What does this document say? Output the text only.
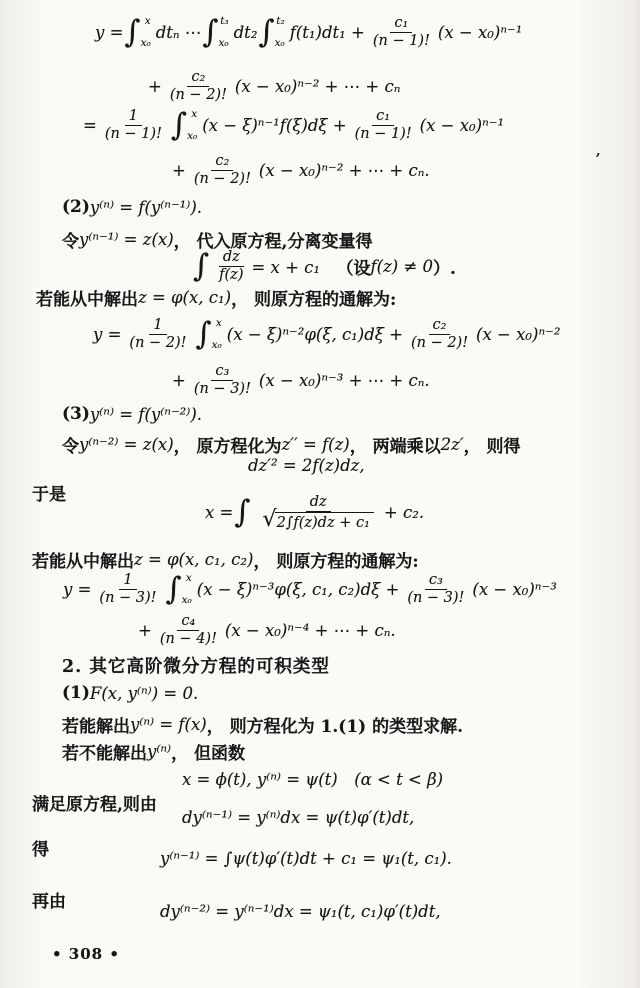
y = ∫ x
x₀
dtₙ ⋯ ∫ t₃
x₀
dt₂ ∫ t₂
x₀
$f(t_1)dt_1 + \frac{\text{c₁}}{(n - 1)!} (x - x_0)^{n-1}$
+ $\frac{\text{c₂}}{(n - 2)!} (x - x_0)^{n-2}$ + ⋯ + cₙ
= $\frac{1}{(n - 1)!}$ ∫ x
x₀
$(x - \xi)^{n-1}f(\xi)d\xi + \frac{\text{c₁}}{(n - 1)!} (x - x_0)^{n-1}$
+ $\frac{\text{c₂}}{(n - 2)!} (x - x_0)^{n-2}$ + ⋯ + cₙ.
(2) y⁽ⁿ⁾ = f(y⁽ⁿ⁻¹⁾).
令 y⁽ⁿ⁻¹⁾ = z(x) ， 代入原方程,分离变量得
∫ $\frac{dz}{f(z)} = x + c_1$　 （设 f(z) ≠ 0 ）.
若能从中解出 z = φ(x, c₁) ， 则原方程的通解为:
$y = \frac{1}{(n - 2)!}$ ∫ x
x₀
(x − ξ)ⁿ⁻²φ(ξ, $c_1)d\xi + \frac{\text{c₂}}{(n - 2)!} (x - x_0)^{n-2}$
+ $\frac{\text{c₃}}{(n - 3)!} (x - x_0)^{n-3}$ + ⋯ + cₙ.
(3) y⁽ⁿ⁾ = f(y⁽ⁿ⁻²⁾).
令 y⁽ⁿ⁻²⁾ = z(x) ， 原方程化为 z′′ = f(z) ， 两端乘以 2z′ ， 则得
dz′² = 2f(z)dz,
于是
x = ∫ $\frac{dz}{\text{√ 2∫f(z)dz + c₁}} + c_2$.
若能从中解出 z = φ(x, c₁, c₂) ， 则原方程的通解为:
$y = \frac{1}{(n - 3)!}$ ∫ x
x₀
(x − ξ)ⁿ⁻³φ(ξ, c₁, $c_2)d\xi + \frac{\text{c₃}}{(n - 3)!} (x - x_0)^{n-3}$
+ $\frac{\text{c₄}}{(n - 4)!} (x - x_0)^{n-4}$ + ⋯ + cₙ.
2. 其它高阶微分方程的可积类型
(1) F(x, y⁽ⁿ⁾) = 0.
若能解出 y⁽ⁿ⁾ = f(x) ， 则方程化为 1.(1) 的类型求解.
若不能解出 y⁽ⁿ⁾ ， 但函数
x = ϕ(t), y⁽ⁿ⁾ = ψ(t)　(α < t < β)
满足原方程,则由
dy⁽ⁿ⁻¹⁾ = y⁽ⁿ⁾dx = ψ(t)φ′(t)dt,
得	y⁽ⁿ⁻¹⁾ = ∫ψ(t)φ′(t)dt + c₁ = ψ₁(t, c₁).
再由	dy⁽ⁿ⁻²⁾ = y⁽ⁿ⁻¹⁾dx = ψ₁(t, c₁)φ′(t)dt,
• 308 •
ʼ
